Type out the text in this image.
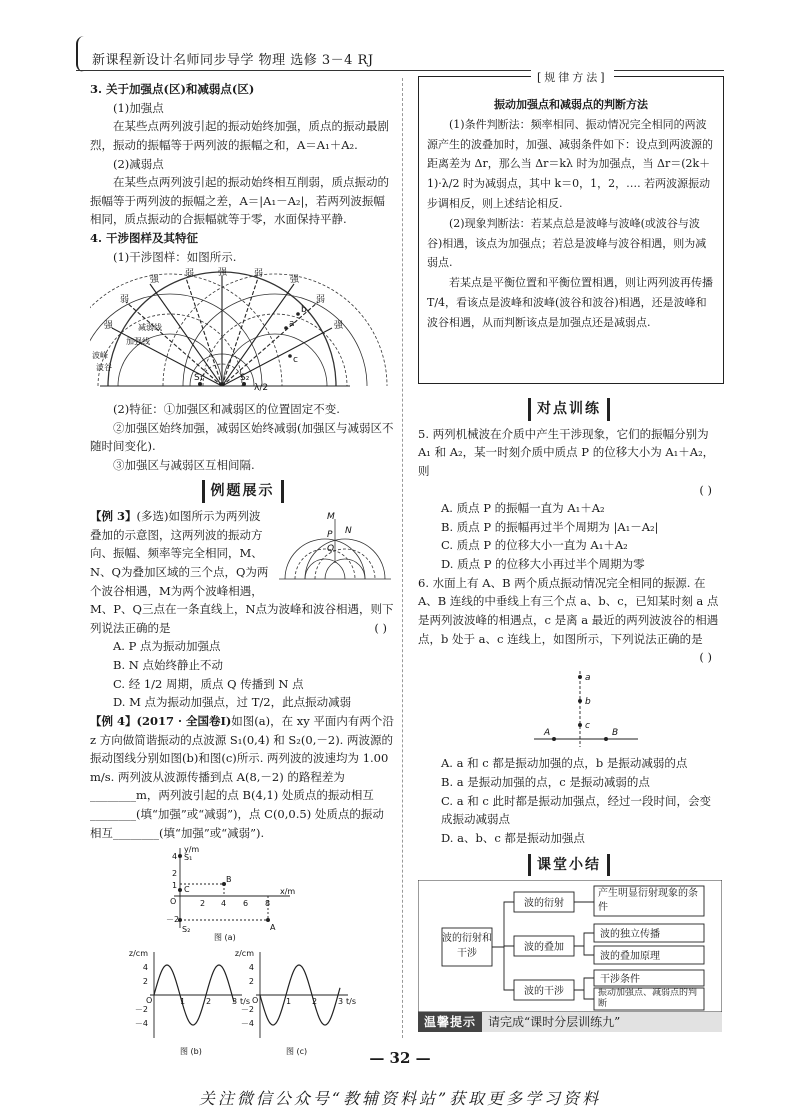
新课程新设计名师同步导学 物理 选修 3－4 RJ

3. 关于加强点(区)和减弱点(区)

(1)加强点

在某些点两列波引起的振动始终加强，质点的振动最剧烈，振动的振幅等于两列波的振幅之和，A＝A₁＋A₂.

(2)减弱点

在某些点两列波引起的振动始终相互削弱，质点振动的振幅等于两列波的振幅之差，A＝|A₁－A₂|，若两列波振幅相同，质点振动的合振幅就等于零，水面保持平静.

4. 干涉图样及其特征

(1)干涉图样：如图所示.

强
弱	强	弱
强
弱	弱
强	强
S₁	S₂
λ/2
a
b
c
波谷
波峰
加强线
减弱线

(2)特征：①加强区和减弱区的位置固定不变.

②加强区始终加强，减弱区始终减弱(加强区与减弱区不随时间变化).

③加强区与减弱区互相间隔.

例题展示
M
N
P
Q

【例 3】(多选)如图所示为两列波叠加的示意图，这两列波的振动方向、振幅、频率等完全相同，M、N、Q为叠加区域的三个点，Q为两个波谷相遇，M为两个波峰相遇，M、P、Q三点在一条直线上，N点为波峰和波谷相遇，则下列说法正确的是	( )

A. P 点为振动加强点

B. N 点始终静止不动

C. 经 1/2 周期，质点 Q 传播到 N 点

D. M 点为振动加强点，过 T/2，此点振动减弱

【例 4】(2017 · 全国卷Ⅰ)如图(a)，在 xy 平面内有两个沿 z 方向做简谐振动的点波源 S₁(0,4) 和 S₂(0,－2). 两波源的振动图线分别如图(b)和图(c)所示. 两列波的波速均为 1.00 m/s. 两列波从波源传播到点 A(8,－2) 的路程差为________m，两列波引起的点 B(4,1) 处质点的振动相互________(填“加强”或“减弱”)，点 C(0,0.5) 处质点的振动相互________(填“加强”或“减弱”).

y/m
x/m
S₁
S₂
B
A
C
O
4
2
1
－2
2 4 6 8
图 (a)

z/cm
t/s
4
2
－2
－4
O	1	2	3
图 (b)
z/cm
t/s
4
2
－2
－4
O	1	2	3
图 (c)
[规律方法]

振动加强点和减弱点的判断方法

(1)条件判断法：频率相同、振动情况完全相同的两波源产生的波叠加时，加强、减弱条件如下：设点到两波源的距离差为 Δr，那么当 Δr＝kλ 时为加强点，当 Δr＝(2k＋1)·λ/2 时为减弱点，其中 k＝0，1，2，…. 若两波源振动步调相反，则上述结论相反.

(2)现象判断法：若某点总是波峰与波峰(或波谷与波谷)相遇，该点为加强点；若总是波峰与波谷相遇，则为减弱点.

若某点是平衡位置和平衡位置相遇，则让两列波再传播 T/4，看该点是波峰和波峰(波谷和波谷)相遇，还是波峰和波谷相遇，从而判断该点是加强点还是减弱点.

对点训练

5. 两列机械波在介质中产生干涉现象，它们的振幅分别为 A₁ 和 A₂，某一时刻介质中质点 P 的位移大小为 A₁＋A₂，则

( )

A. 质点 P 的振幅一直为 A₁＋A₂

B. 质点 P 的振幅再过半个周期为 |A₁－A₂|

C. 质点 P 的位移大小一直为 A₁＋A₂

D. 质点 P 的位移大小再过半个周期为零

6. 水面上有 A、B 两个质点振动情况完全相同的振源. 在 A、B 连线的中垂线上有三个点 a、b、c，已知某时刻 a 点是两列波波峰的相遇点，c 是离 a 最近的两列波波谷的相遇点，b 处于 a、c 连线上，如图所示，下列说法正确的是

( )

a
b
c
A	B

A. a 和 c 都是振动加强的点，b 是振动减弱的点

B. a 是振动加强的点，c 是振动减弱的点

C. a 和 c 此时都是振动加强点，经过一段时间，会变成振动减弱点

D. a、b、c 都是振动加强点

课堂小结
波的衍射和干涉
波的衍射
波的叠加
波的干涉
产生明显衍射现象的条件
波的独立传播
波的叠加原理
干涉条件
振动加强点、减弱点的判断
温馨提示 请完成“课时分层训练九”
— 32 —
关注微信公众号“教辅资料站”获取更多学习资料
